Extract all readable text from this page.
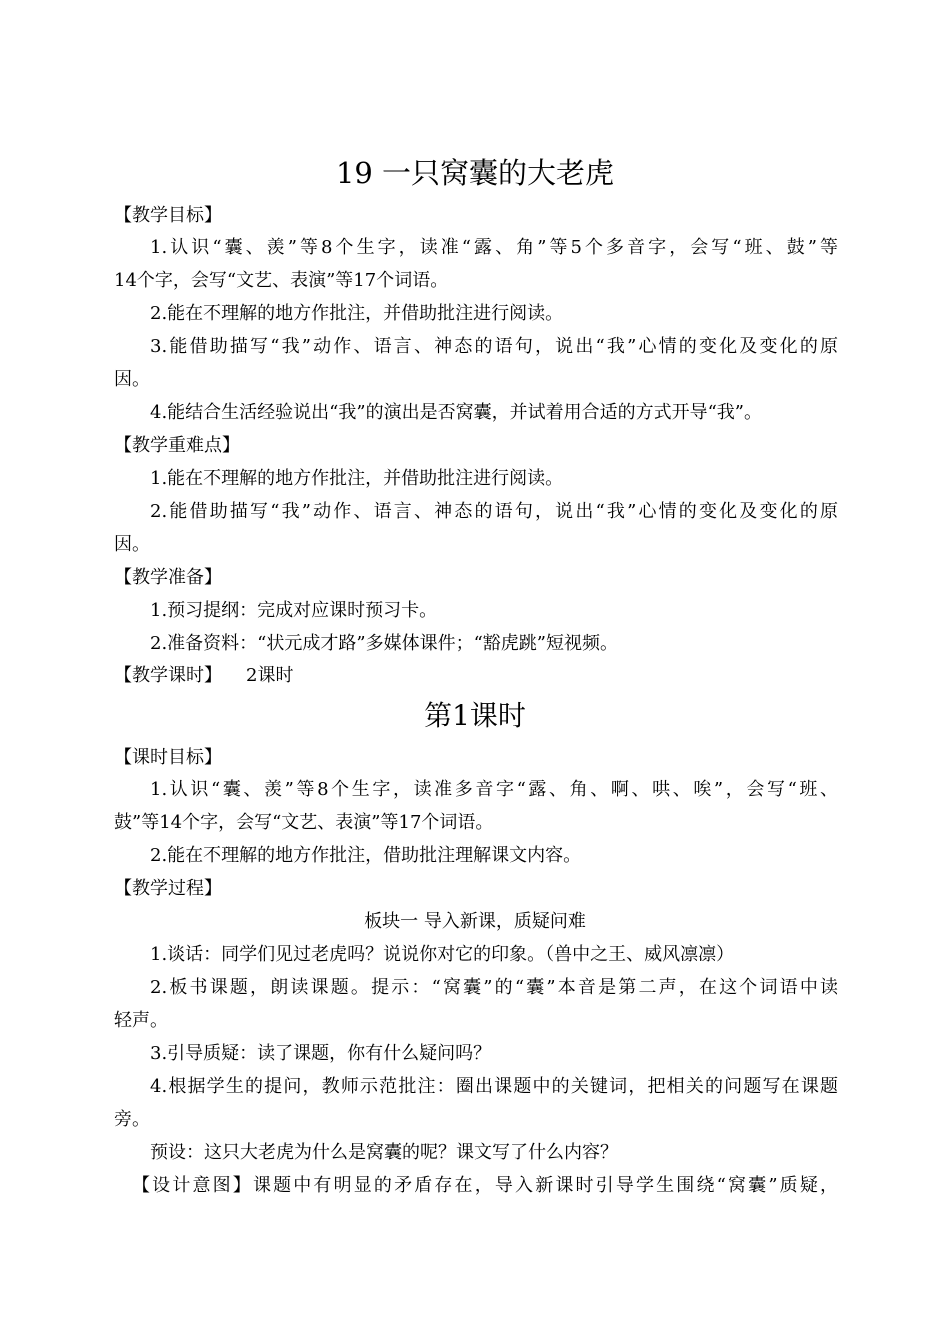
19 一只窝囊的大老虎
【教学目标】
1.认识“囊、羡”等8个生字，读准“露、角”等5个多音字，会写“班、鼓”等
14个字，会写“文艺、表演”等17个词语。
2.能在不理解的地方作批注，并借助批注进行阅读。
3.能借助描写“我”动作、语言、神态的语句，说出“我”心情的变化及变化的原
因。
4.能结合生活经验说出“我”的演出是否窝囊，并试着用合适的方式开导“我”。
【教学重难点】
1.能在不理解的地方作批注，并借助批注进行阅读。
2.能借助描写“我”动作、语言、神态的语句，说出“我”心情的变化及变化的原
因。
【教学准备】
1.预习提纲：完成对应课时预习卡。
2.准备资料：“状元成才路”多媒体课件；“豁虎跳”短视频。
【教学课时】 2课时
第1课时
【课时目标】
1.认识“囊、羡”等8个生字，读准多音字“露、角、啊、哄、唉”，会写“班、
鼓”等14个字，会写“文艺、表演”等17个词语。
2.能在不理解的地方作批注，借助批注理解课文内容。
【教学过程】
板块一 导入新课，质疑问难
1.谈话：同学们见过老虎吗？说说你对它的印象。（兽中之王、威风凛凛）
2.板书课题，朗读课题。提示：“窝囊”的“囊”本音是第二声，在这个词语中读
轻声。
3.引导质疑：读了课题，你有什么疑问吗？
4.根据学生的提问，教师示范批注：圈出课题中的关键词，把相关的问题写在课题
旁。
预设：这只大老虎为什么是窝囊的呢？课文写了什么内容？
【设计意图】课题中有明显的矛盾存在，导入新课时引导学生围绕“窝囊”质疑，
